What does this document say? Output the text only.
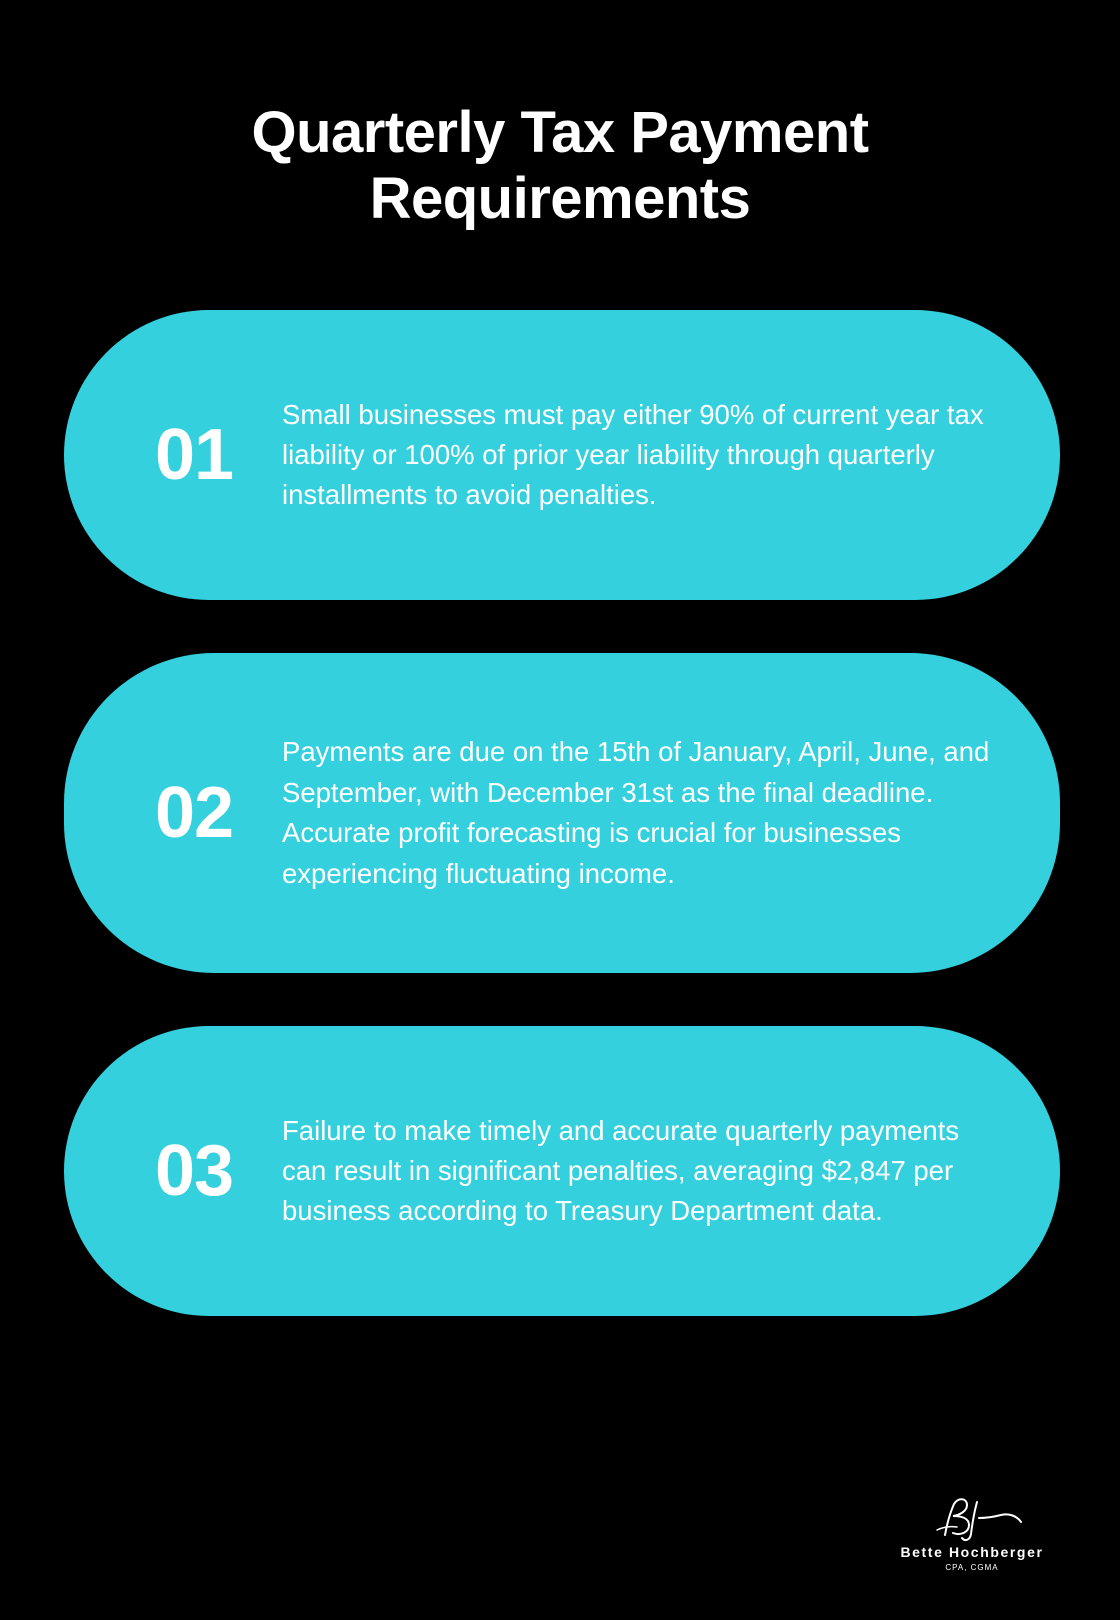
Quarterly Tax Payment Requirements
01
Small businesses must pay either 90% of current year tax liability or 100% of prior year liability through quarterly installments to avoid penalties.
02
Payments are due on the 15th of January, April, June, and September, with December 31st as the final deadline. Accurate profit forecasting is crucial for businesses experiencing fluctuating income.
03
Failure to make timely and accurate quarterly payments can result in significant penalties, averaging $2,847 per business according to Treasury Department data.
Bette Hochberger
CPA, CGMA
